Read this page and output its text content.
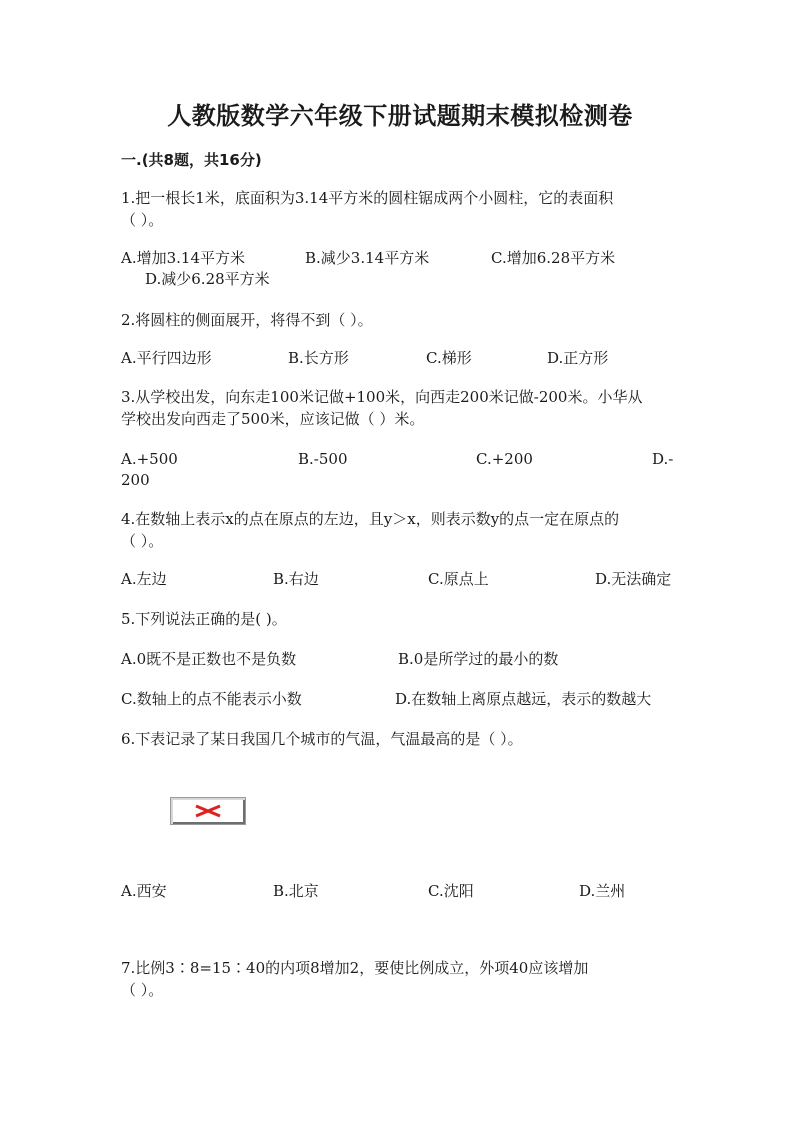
人教版数学六年级下册试题期末模拟检测卷
一.(共8题，共16分)
1.把一根长1米，底面积为3.14平方米的圆柱锯成两个小圆柱，它的表面积
（ ）。
A.增加3.14平方米	B.减少3.14平方米	C.增加6.28平方米
D.减少6.28平方米
2.将圆柱的侧面展开，将得不到（ ）。
A.平行四边形	B.长方形	C.梯形	D.正方形
3.从学校出发，向东走100米记做+100米，向西走200米记做-200米。小华从
学校出发向西走了500米，应该记做（ ）米。
A.+500	B.-500	C.+200	D.-
200
4.在数轴上表示x的点在原点的左边，且y＞x，则表示数y的点一定在原点的
（ ）。
A.左边	B.右边	C.原点上	D.无法确定
5.下列说法正确的是( )。
A.0既不是正数也不是负数	B.0是所学过的最小的数
C.数轴上的点不能表示小数	D.在数轴上离原点越远，表示的数越大
6.下表记录了某日我国几个城市的气温，气温最高的是（ ）。
A.西安	B.北京	C.沈阳	D.兰州
7.比例3∶8=15∶40的内项8增加2，要使比例成立，外项40应该增加
（ ）。
